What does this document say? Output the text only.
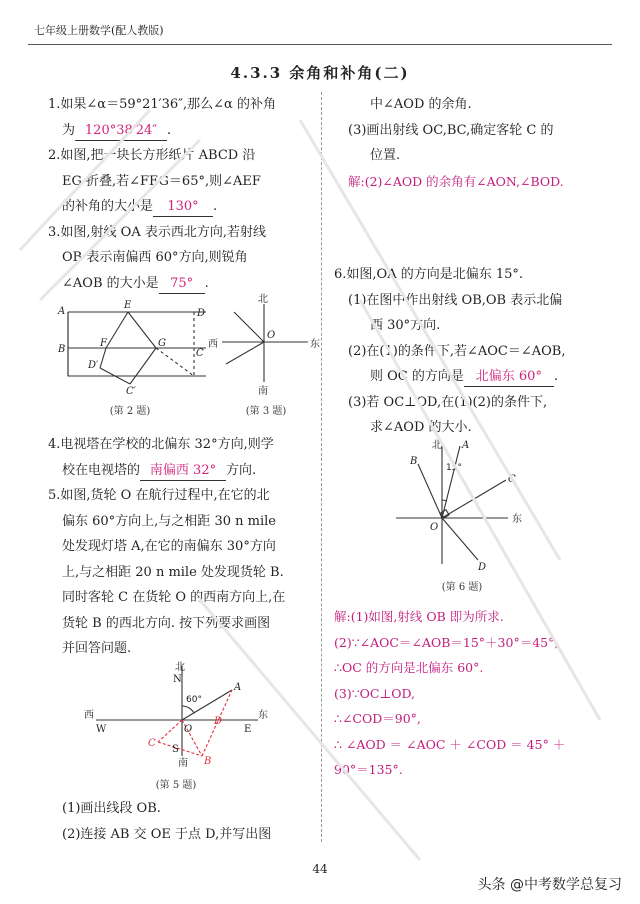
七年级上册数学(配人教版)
4.3.3 余角和补角(二)

1.如果∠α＝59°21′36″,那么∠α 的补角

为 120°38′24″ .

2.如图,把一块长方形纸片 ABCD 沿

EG 折叠,若∠FEG＝65°,则∠AEF

的补角的大小是 130° .

3.如图,射线 OA 表示西北方向,若射线

OB 表示南偏西 60°方向,则锐角

∠AOB 的大小是 75° .

A
B	C
D
D′
C′
E
F	G
(第 2 题)
北
南
东
西
O
(第 3 题)

4.电视塔在学校的北偏东 32°方向,则学

校在电视塔的 南偏西 32° 方向.

5.如图,货轮 O 在航行过程中,在它的北

偏东 60°方向上,与之相距 30 n mile

处发现灯塔 A,在它的南偏东 30°方向

上,与之相距 20 n mile 处发现货轮 B.

同时客轮 C 在货轮 O 的西南方向上,在

货轮 B 的西北方向. 按下列要求画图

并回答问题.

北
N
南
S
东
E
西
W	O
A
B
C
D
60°
(第 5 题)

(1)画出线段 OB.

(2)连接 AB 交 OE 于点 D,并写出图

中∠AOD 的余角.

(3)画出射线 OC,BC,确定客轮 C 的

位置.

解:(2)∠AOD 的余角有∠AON,∠BOD.

6.如图,OA 的方向是北偏东 15°.

(1)在图中作出射线 OB,OB 表示北偏

西 30°方向.

(2)在(1)的条件下,若∠AOC＝∠AOB,

则 OC 的方向是 北偏东 60° .

(3)若 OC⊥OD,在(1)(2)的条件下,

求∠AOD 的大小.

北
东
O
A
C
D
B
15°
(第 6 题)

解:(1)如图,射线 OB 即为所求.

(2)∵∠AOC＝∠AOB＝15°＋30°＝45°,

∴OC 的方向是北偏东 60°.

(3)∵OC⊥OD,

∴∠COD＝90°,

∴ ∠AOD ＝ ∠AOC ＋ ∠COD ＝ 45° ＋

90°＝135°.

44
头条 @中考数学总复习
